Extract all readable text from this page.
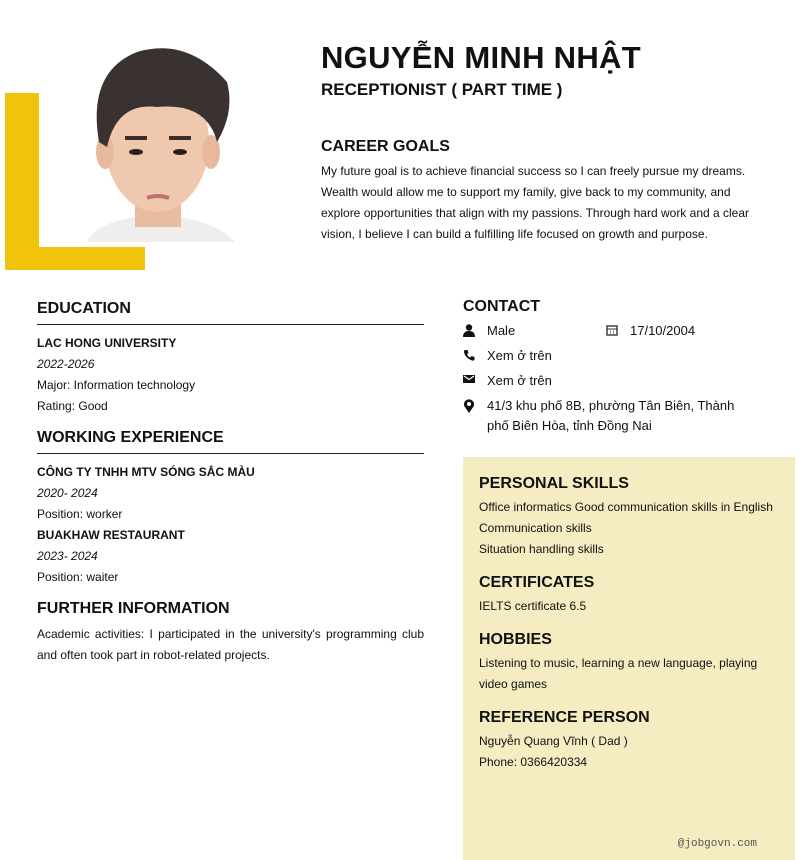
NGUYỄN MINH NHẬT
RECEPTIONIST ( PART TIME )
CAREER GOALS

My future goal is to achieve financial success so I can freely pursue my dreams. Wealth would allow me to support my family, give back to my community, and explore opportunities that align with my passions. Through hard work and a clear vision, I believe I can build a fulfilling life focused on growth and purpose.

EDUCATION
LAC HONG UNIVERSITY
2022-2026
Major: Information technology
Rating: Good
WORKING EXPERIENCE
CÔNG TY TNHH MTV SÓNG SẮC MÀU
2020- 2024
Position: worker
BUAKHAW RESTAURANT
2023- 2024
Position: waiter
FURTHER INFORMATION
Academic activities: I participated in the university's programming club and often took part in robot-related projects.
CONTACT
Male	17/10/2004
Xem ở trên
Xem ở trên
41/3 khu phố 8B, phường Tân Biên, Thành phố Biên Hòa, tỉnh Đồng Nai
PERSONAL SKILLS
Office informatics Good communication skills in English
Communication skills
Situation handling skills
CERTIFICATES
IELTS certificate 6.5
HOBBIES
Listening to music, learning a new language, playing video games
REFERENCE PERSON
Nguyễn Quang Vĩnh ( Dad )
Phone: 0366420334
@jobgovn.com
